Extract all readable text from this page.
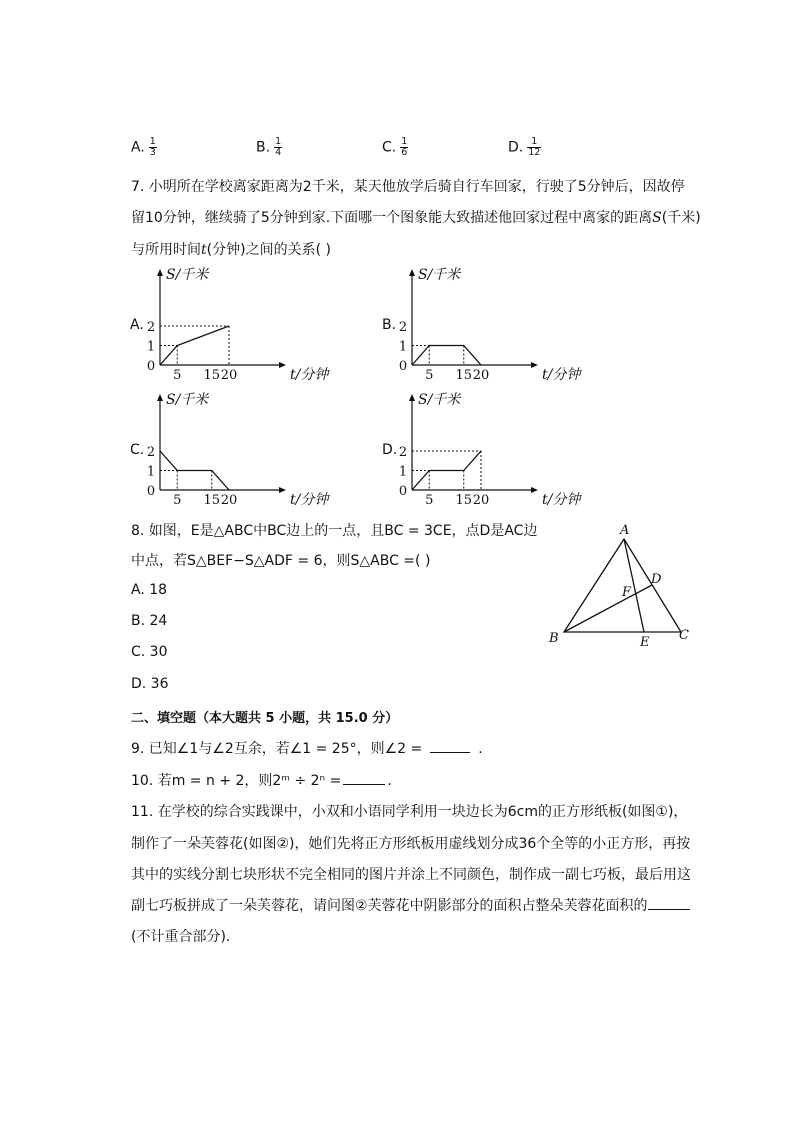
A. $\frac{1}{3}$	B. $\frac{1}{4}$	C. $\frac{1}{6}$	D. $\frac{1}{12}$
7. 小明所在学校离家距离为2千米，某天他放学后骑自行车回家，行驶了5分钟后，因故停
留10分钟，继续骑了5分钟到家.下面哪一个图象能大致描述他回家过程中离家的距离S(千米)
与所用时间t(分钟)之间的关系( )
A. 2
1
0
5 15 20
S/千米
t/分钟
B. 2
1
0
5 15 20
S/千米
t/分钟
C. 2
1
0
5 15 20
S/千米
t/分钟
D. 2
1
0
5 15 20
S/千米
t/分钟
8. 如图，E是△ABC中BC边上的一点，且BC = 3CE，点D是AC边
中点，若S△BEF−S△ADF = 6，则S△ABC =( )
A. 18
B. 24
C. 30
D. 36
A
B	C
D
E
F
二、填空题（本大题共 5 小题，共 15.0 分）
9. 已知∠1与∠2互余，若∠1 = 25°，则∠2 =	.
10. 若m = n + 2，则2ᵐ ÷ 2ⁿ =	.
11. 在学校的综合实践课中，小双和小语同学利用一块边长为6cm的正方形纸板(如图①)，
制作了一朵芙蓉花(如图②)，她们先将正方形纸板用虚线划分成36个全等的小正方形，再按
其中的实线分割七块形状不完全相同的图片并涂上不同颜色，制作成一副七巧板，最后用这
副七巧板拼成了一朵芙蓉花，请问图②芙蓉花中阴影部分的面积占整朵芙蓉花面积的
(不计重合部分).
